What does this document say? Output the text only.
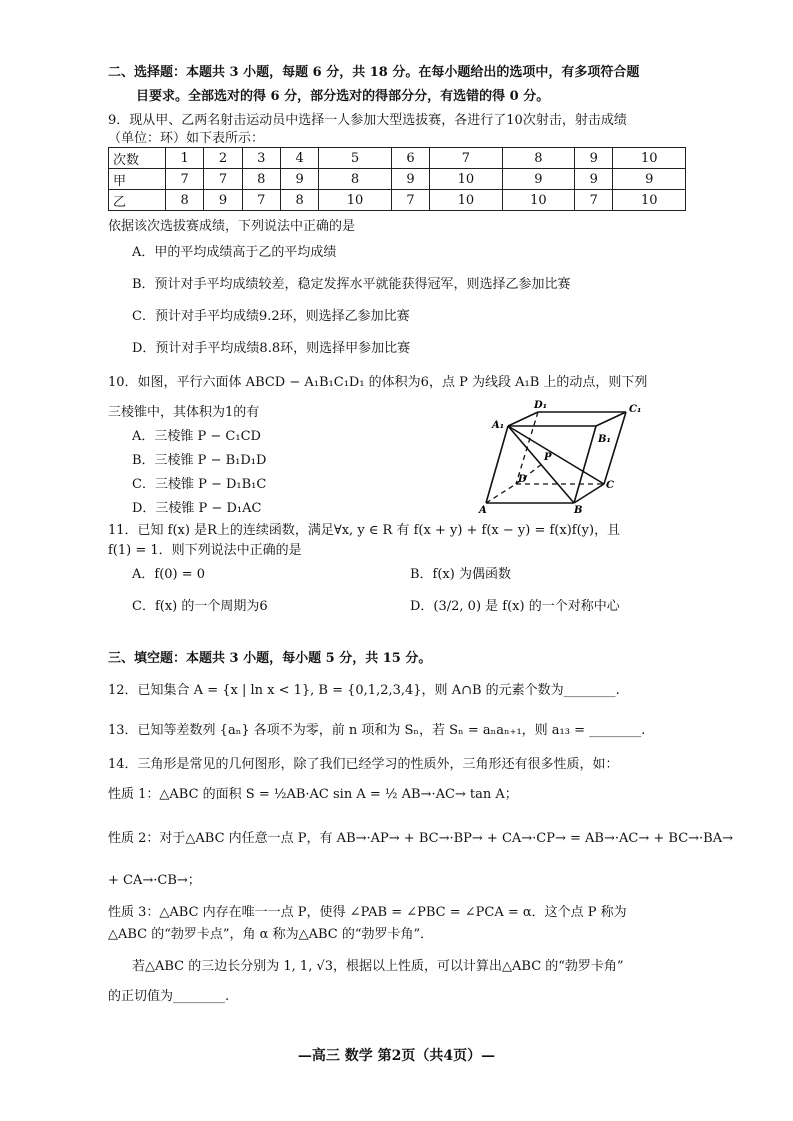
二、选择题：本题共 3 小题，每题 6 分，共 18 分。在每小题给出的选项中，有多项符合题
目要求。全部选对的得 6 分，部分选对的得部分分，有选错的得 0 分。
9．现从甲、乙两名射击运动员中选择一人参加大型选拔赛，各进行了10次射击，射击成绩
（单位：环）如下表所示：
次数	1	2	3	4	5	6	7	8	9	10
甲	7	7	8	9	8	9	10	9	9	9
乙	8	9	7	8	10	7	10	10	7	10
依据该次选拔赛成绩，下列说法中正确的是
A．甲的平均成绩高于乙的平均成绩
B．预计对手平均成绩较差，稳定发挥水平就能获得冠军，则选择乙参加比赛
C．预计对手平均成绩9.2环，则选择乙参加比赛
D．预计对手平均成绩8.8环，则选择甲参加比赛
10．如图，平行六面体 ABCD − A₁B₁C₁D₁ 的体积为6，点 P 为线段 A₁B 上的动点，则下列
三棱锥中，其体积为1的有
A．三棱锥 P − C₁CD
B．三棱锥 P − B₁D₁D
C．三棱锥 P − D₁B₁C
D．三棱锥 P − D₁AC
D₁	C₁
A₁
B₁
P
D
C
A	B
11．已知 f(x) 是R上的连续函数，满足∀x, y ∈ R 有 f(x + y) + f(x − y) = f(x)f(y)，且
f(1) = 1．则下列说法中正确的是
A．f(0) = 0	B．f(x) 为偶函数
C．f(x) 的一个周期为6	D．(3/2, 0) 是 f(x) 的一个对称中心
三、填空题：本题共 3 小题，每小题 5 分，共 15 分。
12．已知集合 A = {x | ln x < 1}, B = {0,1,2,3,4}，则 A∩B 的元素个数为________.
13．已知等差数列 {aₙ} 各项不为零，前 n 项和为 Sₙ，若 Sₙ = aₙaₙ₊₁，则 a₁₃ = ________.
14．三角形是常见的几何图形，除了我们已经学习的性质外，三角形还有很多性质，如：
性质 1：△ABC 的面积 S = ½AB·AC sin A = ½ AB→·AC→ tan A；
性质 2：对于△ABC 内任意一点 P，有 AB→·AP→ + BC→·BP→ + CA→·CP→ = AB→·AC→ + BC→·BA→
+ CA→·CB→；
性质 3：△ABC 内存在唯一一点 P，使得 ∠PAB = ∠PBC = ∠PCA = α．这个点 P 称为
△ABC 的“勃罗卡点”，角 α 称为△ABC 的“勃罗卡角”．
若△ABC 的三边长分别为 1, 1, √3，根据以上性质，可以计算出△ABC 的“勃罗卡角”
的正切值为________.
—高三 数学 第2页（共4页）—
